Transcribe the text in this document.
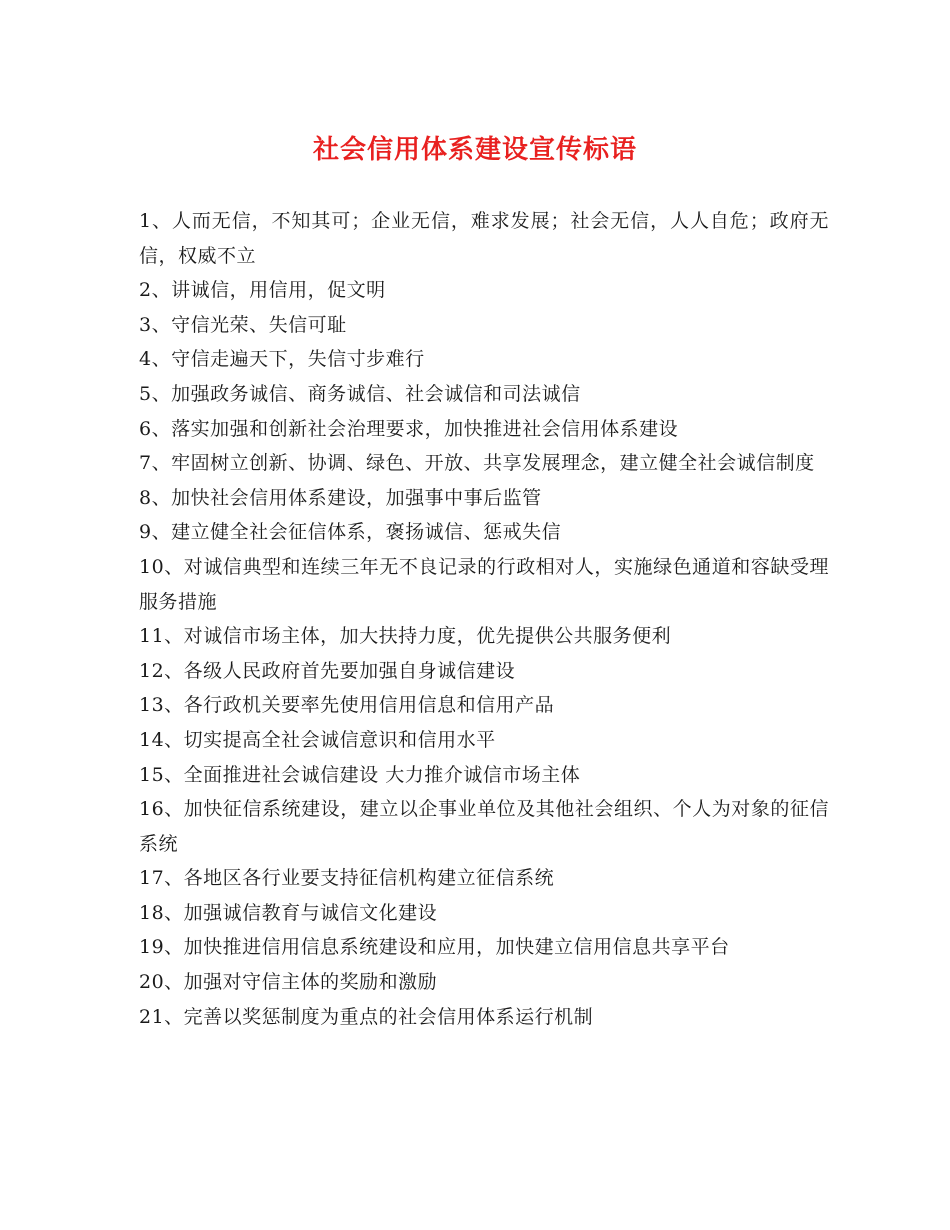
社会信用体系建设宣传标语

1、人而无信，不知其可；企业无信，难求发展；社会无信，人人自危；政府无信，权威不立

2、讲诚信，用信用，促文明

3、守信光荣、失信可耻

4、守信走遍天下，失信寸步难行

5、加强政务诚信、商务诚信、社会诚信和司法诚信

6、落实加强和创新社会治理要求，加快推进社会信用体系建设

7、牢固树立创新、协调、绿色、开放、共享发展理念，建立健全社会诚信制度

8、加快社会信用体系建设，加强事中事后监管

9、建立健全社会征信体系，褒扬诚信、惩戒失信

10、对诚信典型和连续三年无不良记录的行政相对人，实施绿色通道和容缺受理服务措施

11、对诚信市场主体，加大扶持力度，优先提供公共服务便利

12、各级人民政府首先要加强自身诚信建设

13、各行政机关要率先使用信用信息和信用产品

14、切实提高全社会诚信意识和信用水平

15、全面推进社会诚信建设 大力推介诚信市场主体

16、加快征信系统建设，建立以企事业单位及其他社会组织、个人为对象的征信系统

17、各地区各行业要支持征信机构建立征信系统

18、加强诚信教育与诚信文化建设

19、加快推进信用信息系统建设和应用，加快建立信用信息共享平台

20、加强对守信主体的奖励和激励

21、完善以奖惩制度为重点的社会信用体系运行机制
